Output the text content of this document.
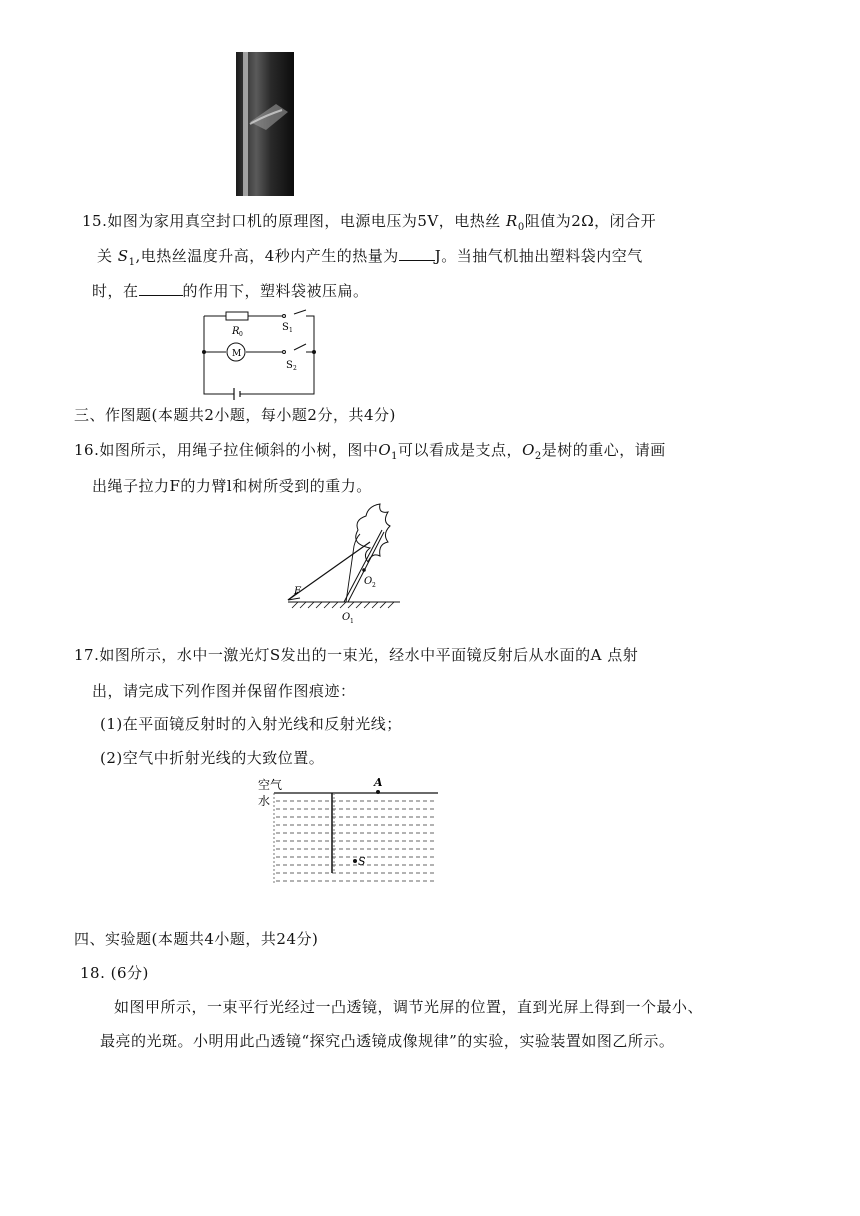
15.如图为家用真空封口机的原理图，电源电压为5V，电热丝 $R_0$阻值为2Ω，闭合开
关 $S_1$,电热丝温度升高，4秒内产生的热量为 J。当抽气机抽出塑料袋内空气
时，在	的作用下，塑料袋被压扁。
R 0
S 1
M
S 2
三、作图题(本题共2小题，每小题2分，共4分)
16.如图所示，用绳子拉住倾斜的小树，图中$O_1$可以看成是支点，$O_2$是树的重心，请画
出绳子拉力F的力臂l和树所受到的重力。
F
O 2
O 1
17.如图所示，水中一激光灯S发出的一束光，经水中平面镜反射后从水面的A 点射
出，请完成下列作图并保留作图痕迹：
(1)在平面镜反射时的入射光线和反射光线；
(2)空气中折射光线的大致位置。
空气
水
A
S
四、实验题(本题共4小题，共24分)
18. (6分)
如图甲所示，一束平行光经过一凸透镜，调节光屏的位置，直到光屏上得到一个最小、
最亮的光斑。小明用此凸透镜“探究凸透镜成像规律”的实验，实验装置如图乙所示。
